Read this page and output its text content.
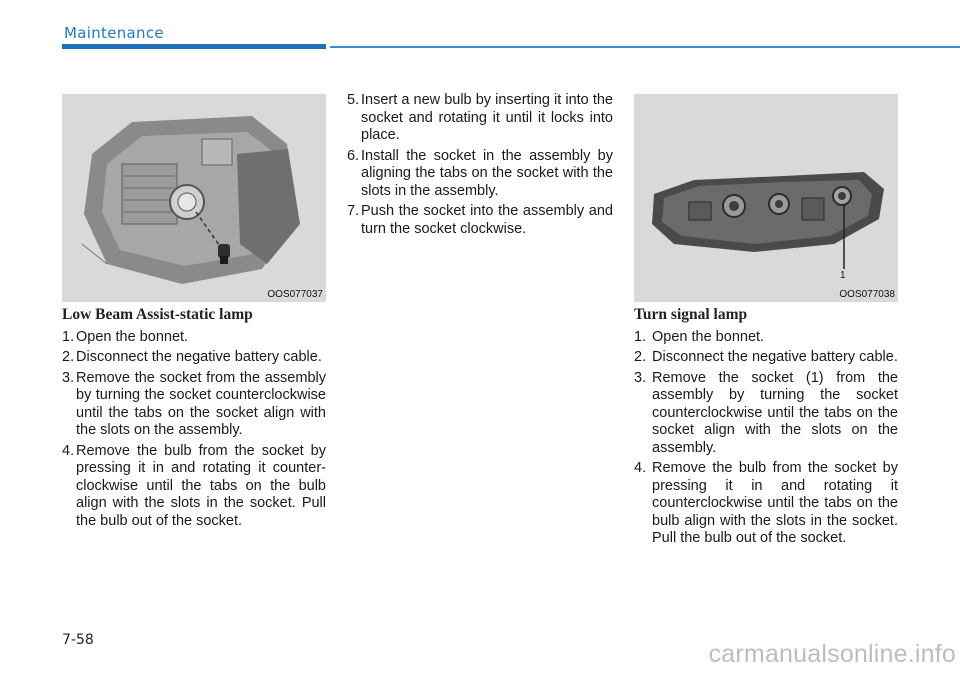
Maintenance
OOS077037
1
OOS077038
Low Beam Assist-static lamp
1. Open the bonnet.
2. Disconnect the negative battery cable.
3. Remove the socket from the assembly by turning the socket counterclockwise until the tabs on the socket align with the slots on the assembly.
4. Remove the bulb from the socket by pressing it in and rotating it counter-clockwise until the tabs on the bulb align with the slots in the socket. Pull the bulb out of the socket.
5. Insert a new bulb by inserting it into the socket and rotating it until it locks into place.
6. Install the socket in the assembly by aligning the tabs on the socket with the slots in the assembly.
7. Push the socket into the assembly and turn the socket clockwise.
Turn signal lamp
1. Open the bonnet.
2. Disconnect the negative battery cable.
3. Remove the socket (1) from the assembly by turning the socket counterclockwise until the tabs on the socket align with the slots on the assembly.
4. Remove the bulb from the socket by pressing it in and rotating it counterclockwise until the tabs on the bulb align with the slots in the socket. Pull the bulb out of the socket.
7-58	carmanualsonline.info
